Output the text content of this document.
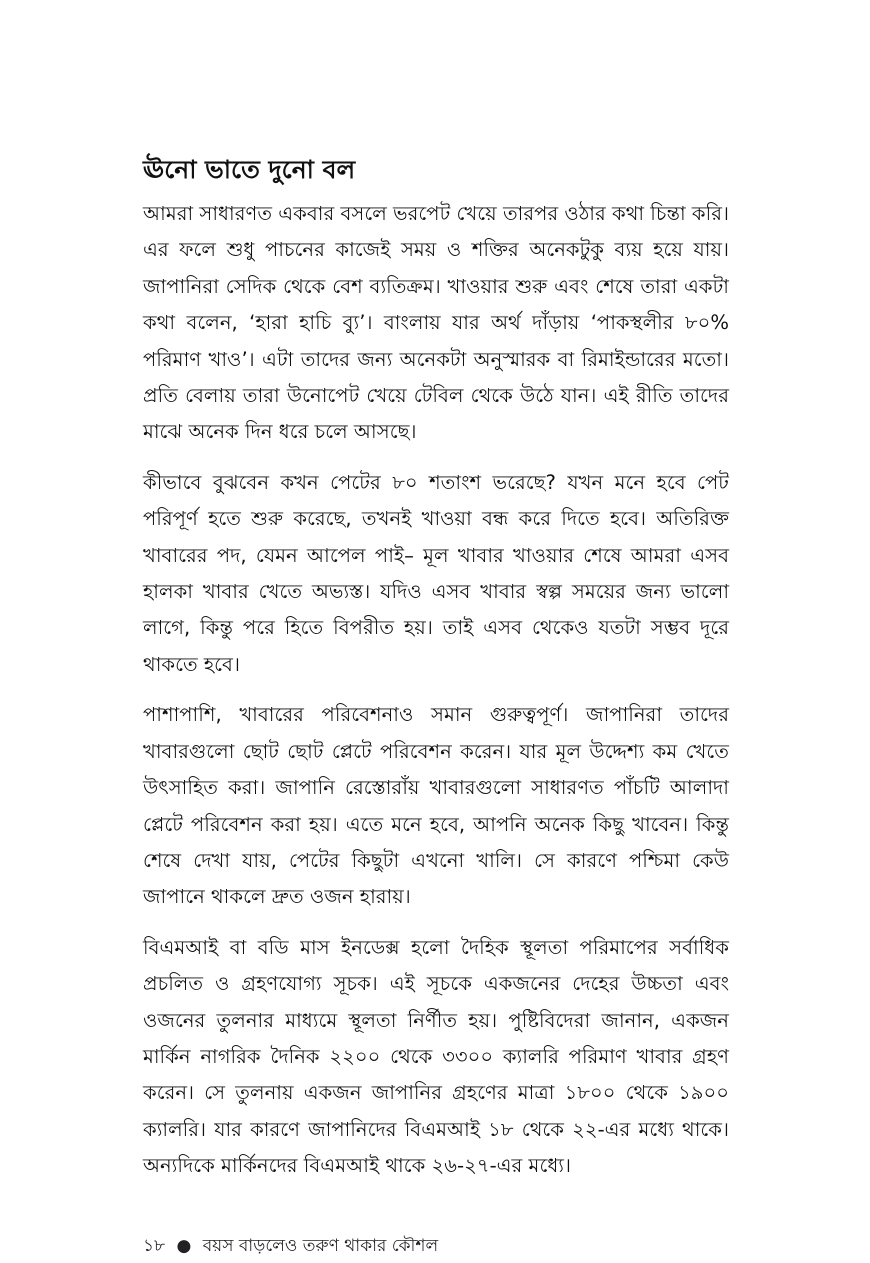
ঊনো ভাতে দুনো বল

আমরা সাধারণত একবার বসলে ভরপেট খেয়ে তারপর ওঠার কথা চিন্তা করি। এর ফলে শুধু পাচনের কাজেই সময় ও শক্তির অনেকটুকু ব্যয় হয়ে যায়। জাপানিরা সেদিক থেকে বেশ ব্যতিক্রম। খাওয়ার শুরু এবং শেষে তারা একটা কথা বলেন, ‘হারা হাচি ব্যু’। বাংলায় যার অর্থ দাঁড়ায় ‘পাকস্থলীর ৮০% পরিমাণ খাও’। এটা তাদের জন্য অনেকটা অনুস্মারক বা রিমাইন্ডারের মতো। প্রতি বেলায় তারা উনোপেট খেয়ে টেবিল থেকে উঠে যান। এই রীতি তাদের মাঝে অনেক দিন ধরে চলে আসছে।

কীভাবে বুঝবেন কখন পেটের ৮০ শতাংশ ভরেছে? যখন মনে হবে পেট পরিপূর্ণ হতে শুরু করেছে, তখনই খাওয়া বন্ধ করে দিতে হবে। অতিরিক্ত খাবারের পদ, যেমন আপেল পাই– মূল খাবার খাওয়ার শেষে আমরা এসব হালকা খাবার খেতে অভ্যস্ত। যদিও এসব খাবার স্বল্প সময়ের জন্য ভালো লাগে, কিন্তু পরে হিতে বিপরীত হয়। তাই এসব থেকেও যতটা সম্ভব দূরে থাকতে হবে।

পাশাপাশি, খাবারের পরিবেশনাও সমান গুরুত্বপূর্ণ। জাপানিরা তাদের খাবারগুলো ছোট ছোট প্লেটে পরিবেশন করেন। যার মূল উদ্দেশ্য কম খেতে উৎসাহিত করা। জাপানি রেস্তোরাঁয় খাবারগুলো সাধারণত পাঁচটি আলাদা প্লেটে পরিবেশন করা হয়। এতে মনে হবে, আপনি অনেক কিছু খাবেন। কিন্তু শেষে দেখা যায়, পেটের কিছুটা এখনো খালি। সে কারণে পশ্চিমা কেউ জাপানে থাকলে দ্রুত ওজন হারায়।

বিএমআই বা বডি মাস ইনডেক্স হলো দৈহিক স্থূলতা পরিমাপের সর্বাধিক প্রচলিত ও গ্রহণযোগ্য সূচক। এই সূচকে একজনের দেহের উচ্চতা এবং ওজনের তুলনার মাধ্যমে স্থূলতা নির্ণীত হয়। পুষ্টিবিদেরা জানান, একজন মার্কিন নাগরিক দৈনিক ২২০০ থেকে ৩৩০০ ক্যালরি পরিমাণ খাবার গ্রহণ করেন। সে তুলনায় একজন জাপানির গ্রহণের মাত্রা ১৮০০ থেকে ১৯০০ ক্যালরি। যার কারণে জাপানিদের বিএমআই ১৮ থেকে ২২-এর মধ্যে থাকে। অন্যদিকে মার্কিনদের বিএমআই থাকে ২৬-২৭-এর মধ্যে।

১৮ ● বয়স বাড়লেও তরুণ থাকার কৌশল
